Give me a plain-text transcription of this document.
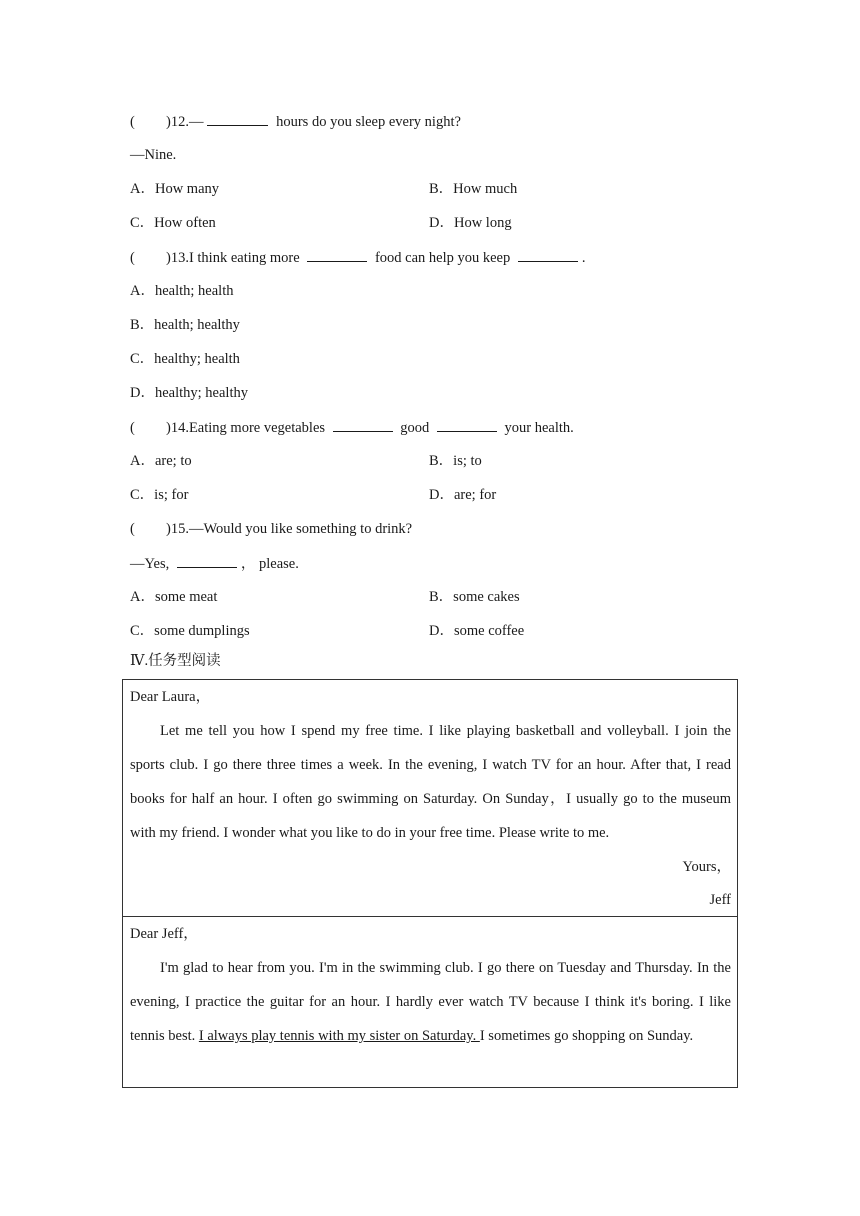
( )12.—	hours do you sleep every night?
—Nine.
A．How many	B．How much
C．How often	D．How long
( )13.I think eating more	food can help you keep	.
A．health; health
B．health; healthy
C．healthy; health
D．healthy; healthy
( )14.Eating more vegetables	good	your health.
A．are; to	B．is; to
C．is; for	D．are; for
( )15.—Would you like something to drink?
—Yes,	， please.
A．some meat	B．some cakes
C．some dumplings	D．some coffee
Ⅳ.任务型阅读
Dear Laura，
Let me tell you how I spend my free time. I like playing basketball and volleyball. I join the sports club. I go there three times a week. In the evening, I watch TV for an hour. After that, I read books for half an hour. I often go swimming on Saturday. On Sunday，I usually go to the museum with my friend. I wonder what you like to do in your free time. Please write to me.
Yours，
Jeff
Dear Jeff，
I'm glad to hear from you. I'm in the swimming club. I go there on Tuesday and Thursday. In the evening, I practice the guitar for an hour. I hardly ever watch TV because I think it's boring. I like tennis best. I always play tennis with my sister on Saturday. I sometimes go shopping on Sunday.
